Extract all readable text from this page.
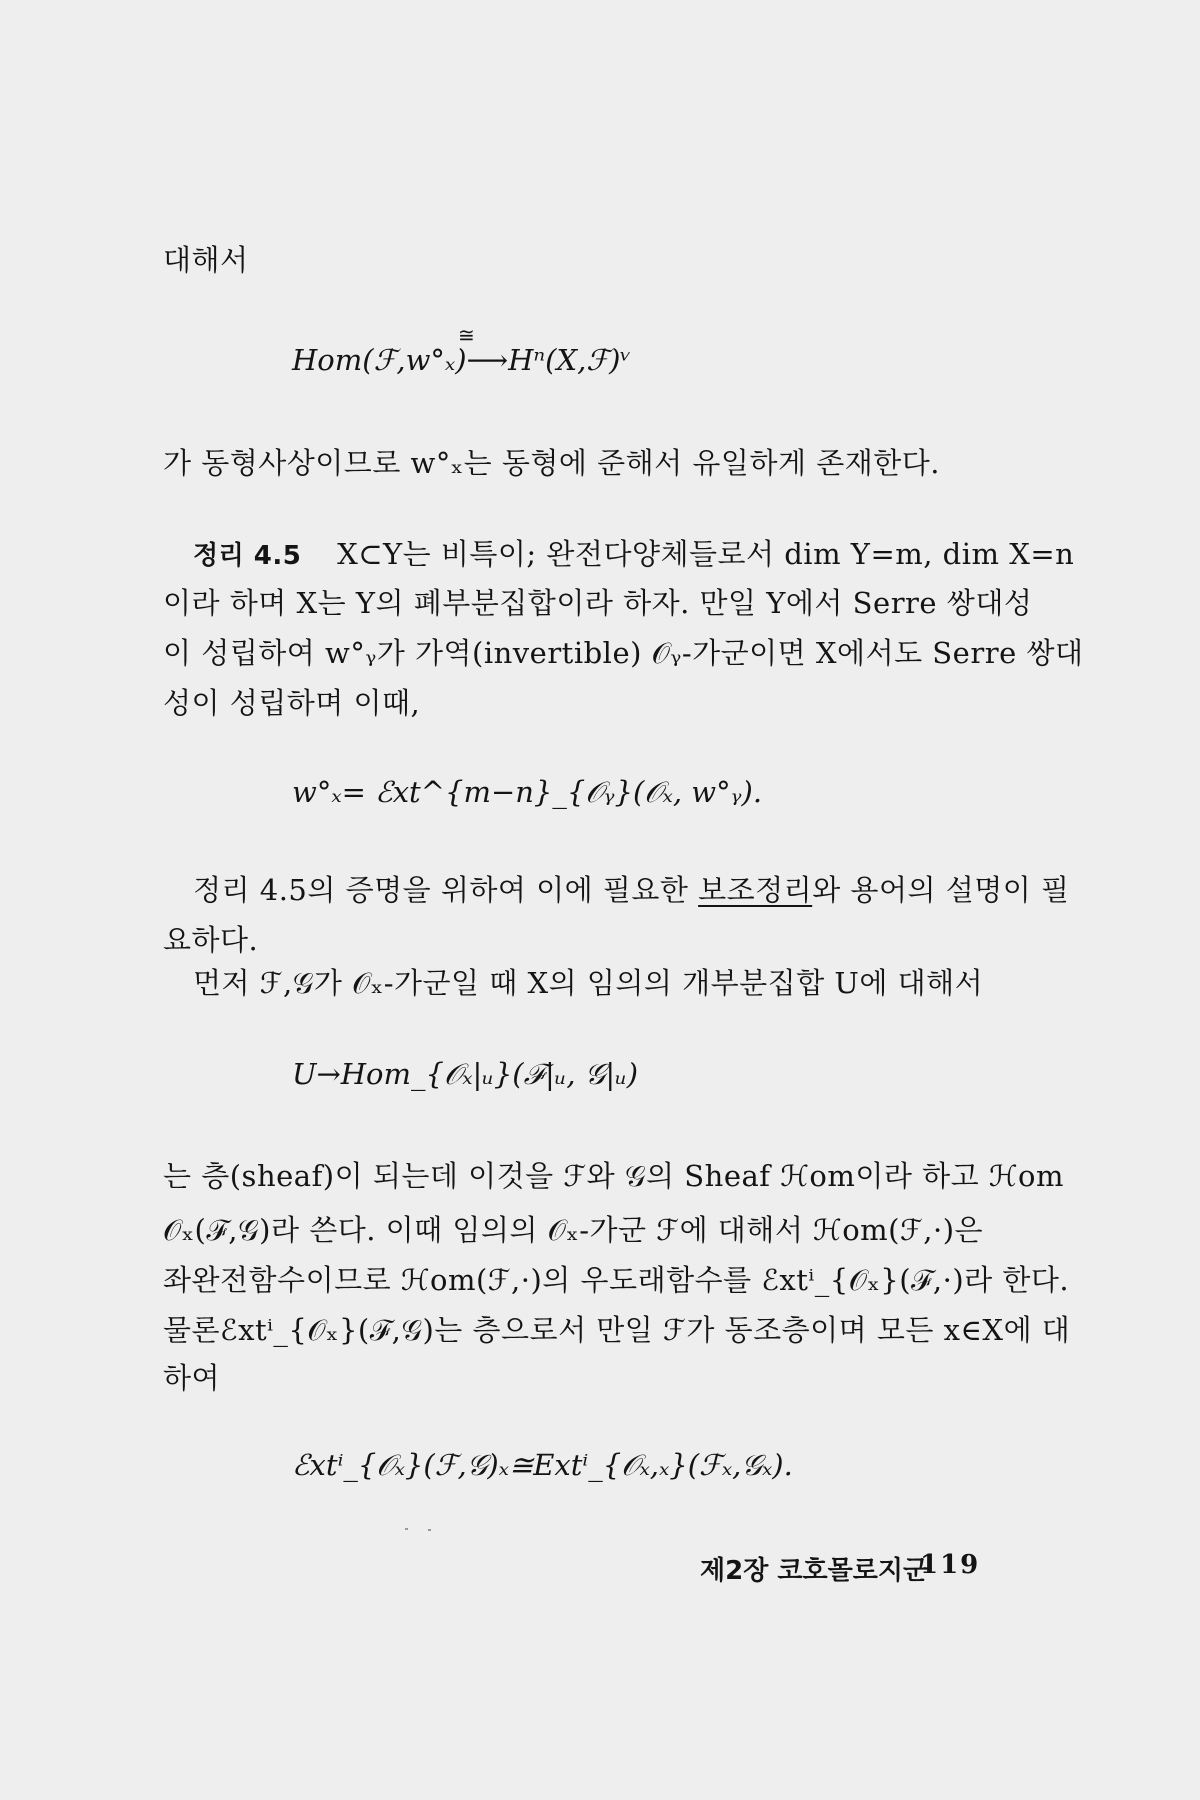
대해서
Hom(ℱ,w°ₓ)⟶Hⁿ(X,ℱ)ᵛ
≅
가 동형사상이므로 w°ₓ는 동형에 준해서 유일하게 존재한다.
정리 4.5 X⊂Y는 비특이; 완전다양체들로서 dim Y=m, dim X=n
이라 하며 X는 Y의 폐부분집합이라 하자. 만일 Y에서 Serre 쌍대성
이 성립하여 w°ᵧ가 가역(invertible) 𝒪ᵧ-가군이면 X에서도 Serre 쌍대
성이 성립하며 이때,
w°ₓ= ℰxt^{m−n}_{𝒪ᵧ}(𝒪ₓ, w°ᵧ).
정리 4.5의 증명을 위하여 이에 필요한 보조정리와 용어의 설명이 필
요하다.
먼저 ℱ,𝒢가 𝒪ₓ-가군일 때 X의 임의의 개부분집합 U에 대해서
U→Hom_{𝒪ₓ|ᵤ}(ℱ|ᵤ, 𝒢|ᵤ)
는 층(sheaf)이 되는데 이것을 ℱ와 𝒢의 Sheaf ℋom이라 하고 ℋom
𝒪ₓ(ℱ,𝒢)라 쓴다. 이때 임의의 𝒪ₓ-가군 ℱ에 대해서 ℋom(ℱ,·)은
좌완전함수이므로 ℋom(ℱ,·)의 우도래함수를 ℰxtⁱ_{𝒪ₓ}(ℱ,·)라 한다.
물론ℰxtⁱ_{𝒪ₓ}(ℱ,𝒢)는 층으로서 만일 ℱ가 동조층이며 모든 x∈X에 대
하여
ℰxtⁱ_{𝒪ₓ}(ℱ,𝒢)ₓ≅Extⁱ_{𝒪ₓ,ₓ}(ℱₓ,𝒢ₓ).
제2장 코호몰로지군
119
